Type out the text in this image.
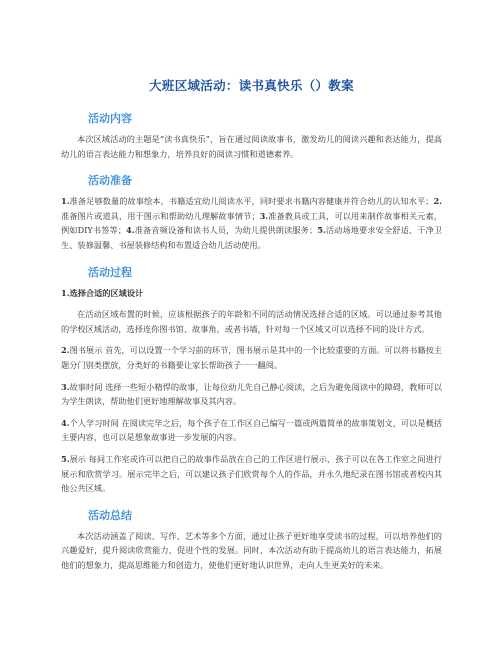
大班区域活动：读书真快乐（）教案
活动内容

本次区域活动的主题是“读书真快乐”，旨在通过阅读故事书，激发幼儿的阅读兴趣和表达能力，提高幼儿的语言表达能力和想象力，培养良好的阅读习惯和道德素养。

活动准备

1.准备足够数量的故事绘本，书籍适宜幼儿阅读水平，同时要求书籍内容健康并符合幼儿的认知水平；2.准备图片或道具，用于图示和帮助幼儿理解故事情节；3.准备教具或工具，可以用来制作故事相关元素，例如DIY书签等；4.准备音频设备和读书人员，为幼儿提供朗读服务；5.活动场地要求安全舒适、干净卫生、装修温馨、书屋装修结构和布置适合幼儿活动使用。

活动过程

1.选择合适的区域设计

在活动区域布置的时候，应该根据孩子的年龄和不同的活动情况选择合适的区域。可以通过参考其他的学校区域活动，选择连你图书馆、故事角，或者书墙，针对每一个区域又可以选择不同的设计方式。

2.图书展示 首先，可以设置一个学习前的环节，图书展示是其中的一个比较重要的方面。可以将书籍按主题分门别类摆放，分类好的书籍要让家长帮助孩子一一翻阅。

3.故事时间 选择一些短小精悍的故事，让每位幼儿先自己静心阅读，之后为避免阅读中的障碍，教师可以为学生朗读，帮助他们更好地理解故事及其内容。

4.个人学习时间 在阅读完毕之后，每个孩子在工作区自己编写一篇或两篇简单的故事策划文，可以是概括主要内容，也可以是想象故事进一步发展的内容。

5.展示 每间工作室或许可以把自己的故事作品放在自己的工作区进行展示，孩子可以在各工作室之间进行展示和欣赏学习。展示完毕之后，可以建议孩子们欣赏每个人的作品，并永久地纪录在图书馆或者校内其他公共区域。

活动总结

本次活动涵盖了阅读、写作、艺术等多个方面，通过让孩子更好地享受读书的过程，可以培养他们的兴趣爱好，提升阅读欣赏能力，促进个性的发展。同时，本次活动有助于提高幼儿的语言表达能力，拓展他们的想象力，提高思维能力和创造力，使他们更好地认识世界，走向人生更美好的未来。
